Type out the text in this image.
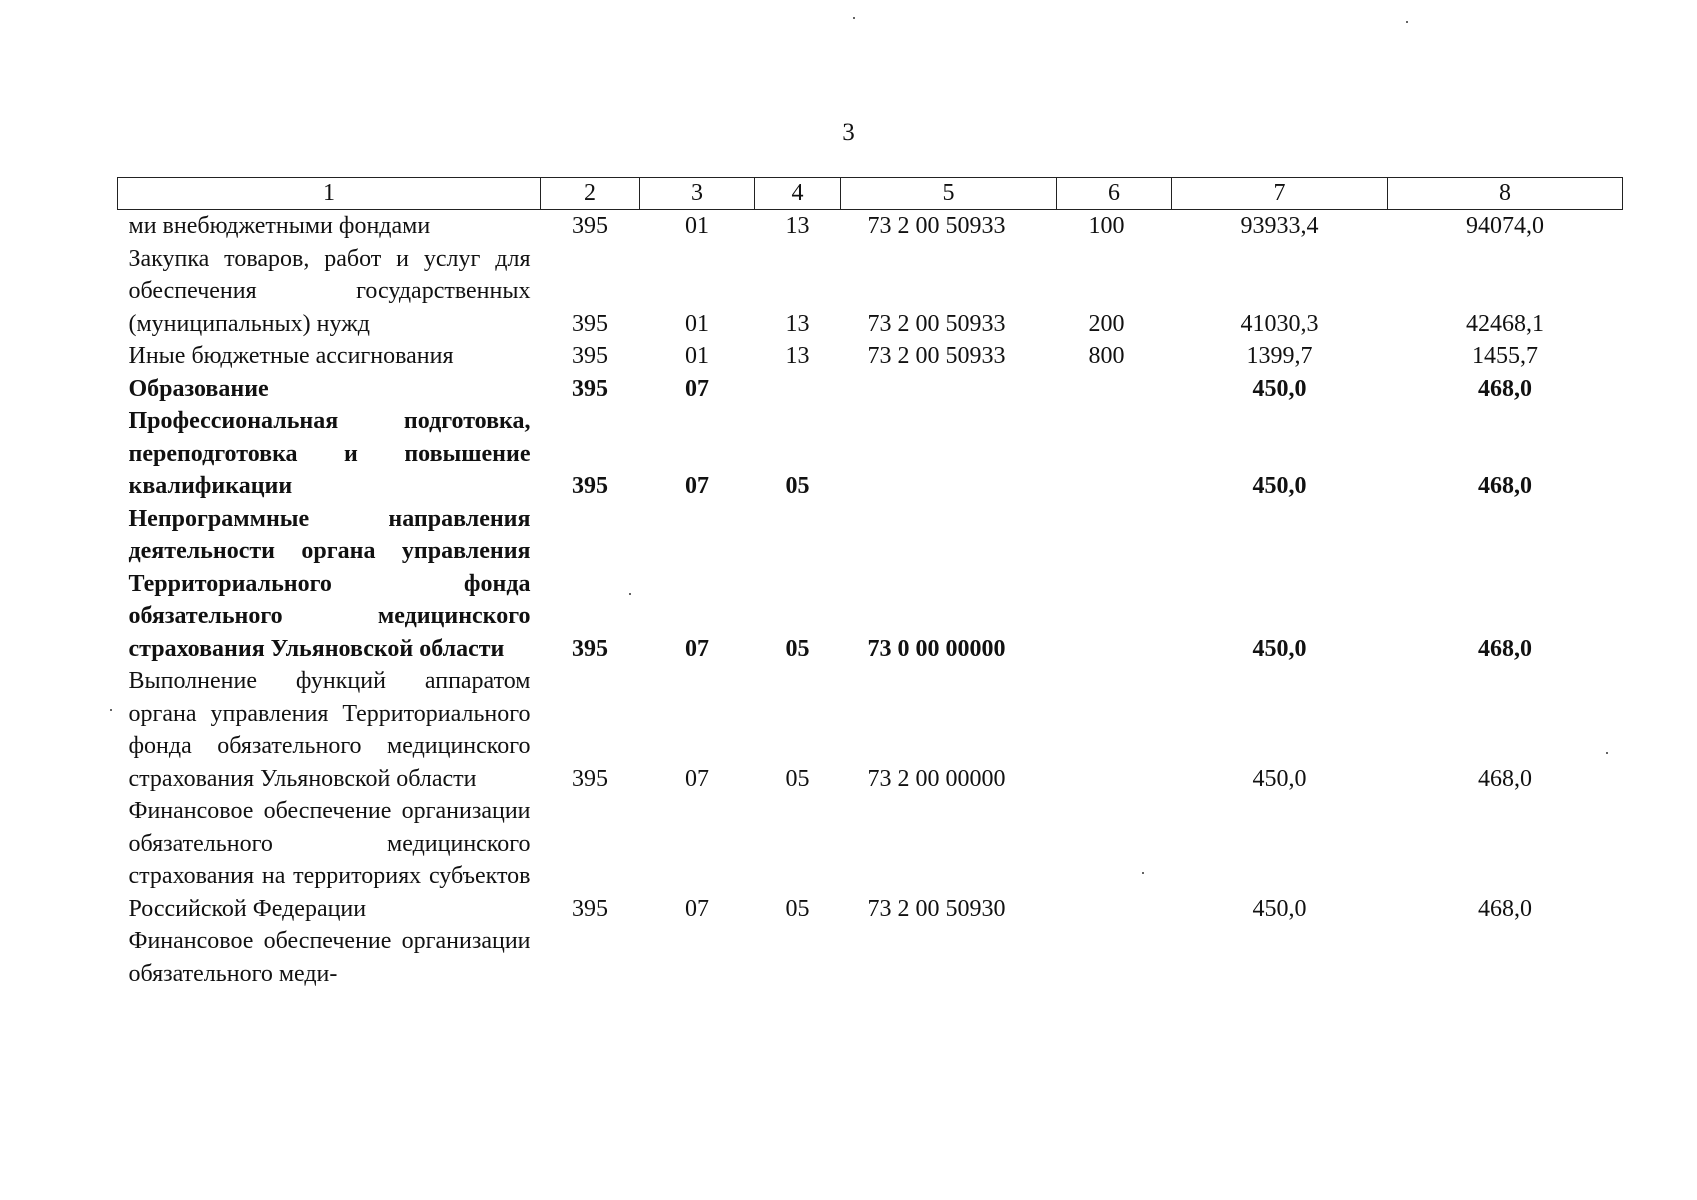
3
1	2	3	4	5	6	7	8
ми внебюджетными фондами	395	01	13	73 2 00 50933	100	93933,4	94074,0
Закупка товаров, работ и услуг для обеспечения государственных (муниципальных) нужд	395	01	13	73 2 00 50933	200	41030,3	42468,1
Иные бюджетные ассигнования	395	01	13	73 2 00 50933	800	1399,7	1455,7
Образование	395	07				450,0	468,0
Профессиональная подготовка, переподготовка и повышение квалификации	395	07	05			450,0	468,0
Непрограммные направления деятельности органа управления Территориального фонда обязательного медицинского страхования Ульяновской области	395	07	05	73 0 00 00000		450,0	468,0
Выполнение функций аппаратом органа управления Территориального фонда обязательного медицинского страхования Ульяновской области	395	07	05	73 2 00 00000		450,0	468,0
Финансовое обеспечение организации обязательного медицинского страхования на территориях субъектов Российской Федерации	395	07	05	73 2 00 50930		450,0	468,0
Финансовое обеспечение организации обязательного меди-							
